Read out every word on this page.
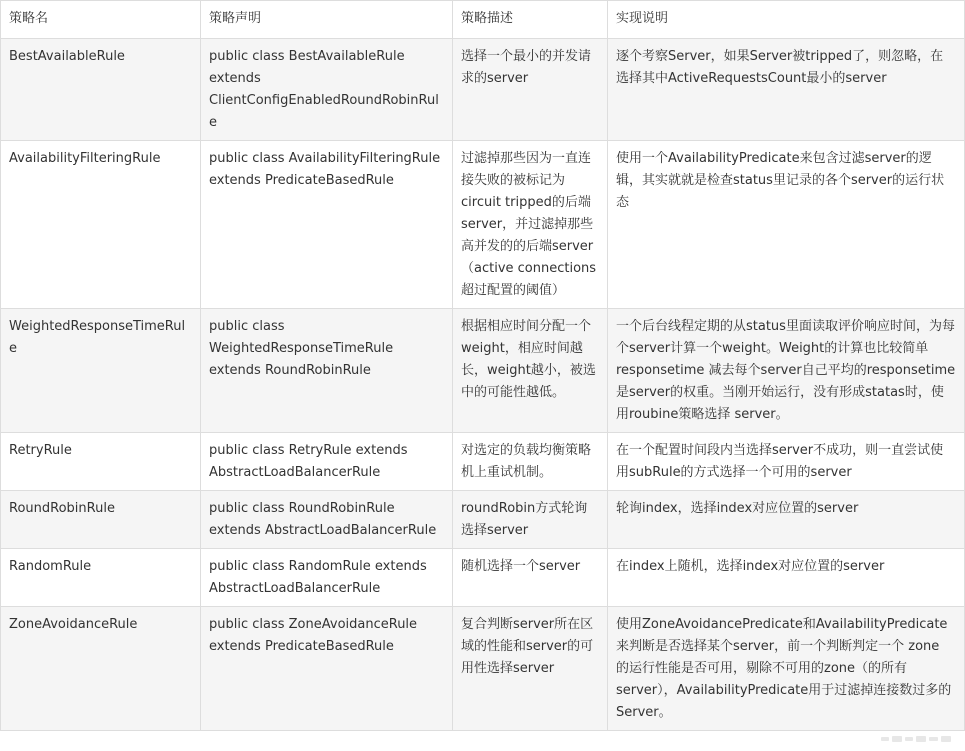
策略名	策略声明	策略描述	实现说明
BestAvailableRule	public class BestAvailableRule extends ClientConfigEnabledRoundRobinRule	选择一个最小的并发请求的server	逐个考察Server，如果Server被tripped了，则忽略，在选择其中ActiveRequestsCount最小的server
AvailabilityFilteringRule	public class AvailabilityFilteringRule extends PredicateBasedRule	过滤掉那些因为一直连接失败的被标记为circuit tripped的后端server，并过滤掉那些高并发的的后端server（active connections 超过配置的阈值）	使用一个AvailabilityPredicate来包含过滤server的逻辑，其实就就是检查status里记录的各个server的运行状态
WeightedResponseTimeRule	public class WeightedResponseTimeRule extends RoundRobinRule	根据相应时间分配一个weight，相应时间越长，weight越小，被选中的可能性越低。	一个后台线程定期的从status里面读取评价响应时间，为每个server计算一个weight。Weight的计算也比较简单responsetime 减去每个server自己平均的responsetime是server的权重。当刚开始运行，没有形成statas时，使用roubine策略选择 server。
RetryRule	public class RetryRule extends AbstractLoadBalancerRule	对选定的负载均衡策略机上重试机制。	在一个配置时间段内当选择server不成功，则一直尝试使用subRule的方式选择一个可用的server
RoundRobinRule	public class RoundRobinRule extends AbstractLoadBalancerRule	roundRobin方式轮询选择server	轮询index，选择index对应位置的server
RandomRule	public class RandomRule extends AbstractLoadBalancerRule	随机选择一个server	在index上随机，选择index对应位置的server
ZoneAvoidanceRule	public class ZoneAvoidanceRule extends PredicateBasedRule	复合判断server所在区域的性能和server的可用性选择server	使用ZoneAvoidancePredicate和AvailabilityPredicate来判断是否选择某个server，前一个判断判定一个 zone 的运行性能是否可用，剔除不可用的zone（的所有server），AvailabilityPredicate用于过滤掉连接数过多的 Server。
